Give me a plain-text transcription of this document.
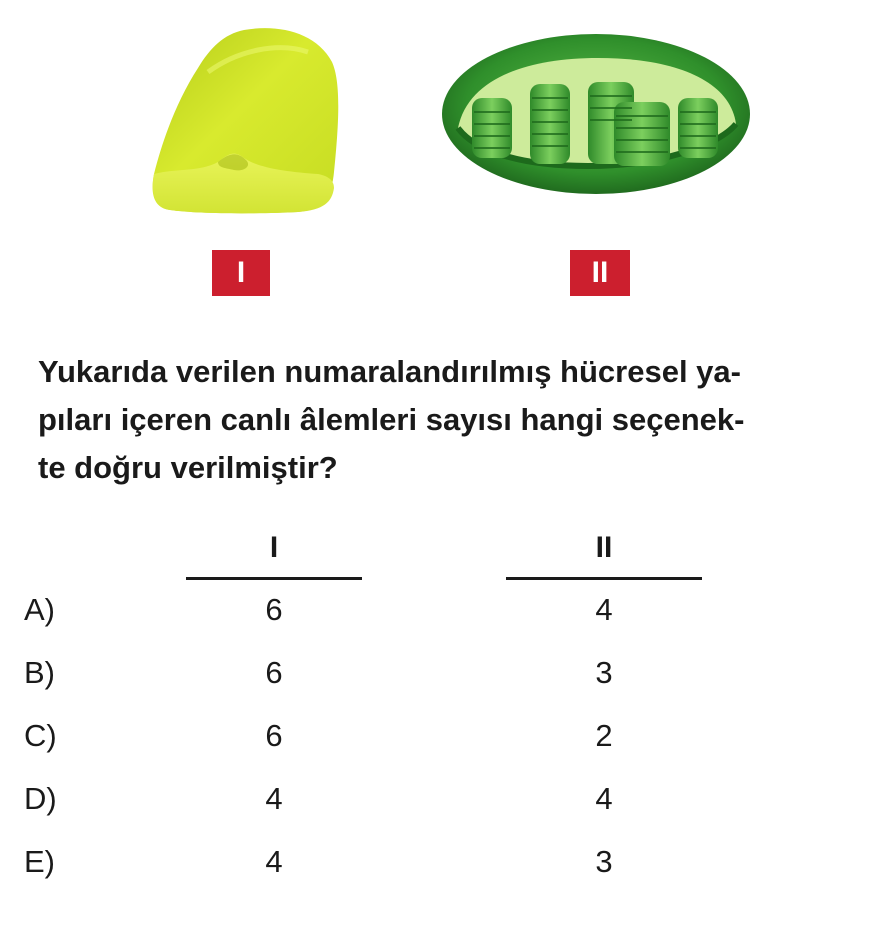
I	II
Yukarıda verilen numaralandırılmış hücresel ya-
pıları içeren canlı âlemleri sayısı hangi seçenek-
te doğru verilmiştir?
I	II
A)	6	4
B)	6	3
C)	6	2
D)	4	4
E)	4	3
